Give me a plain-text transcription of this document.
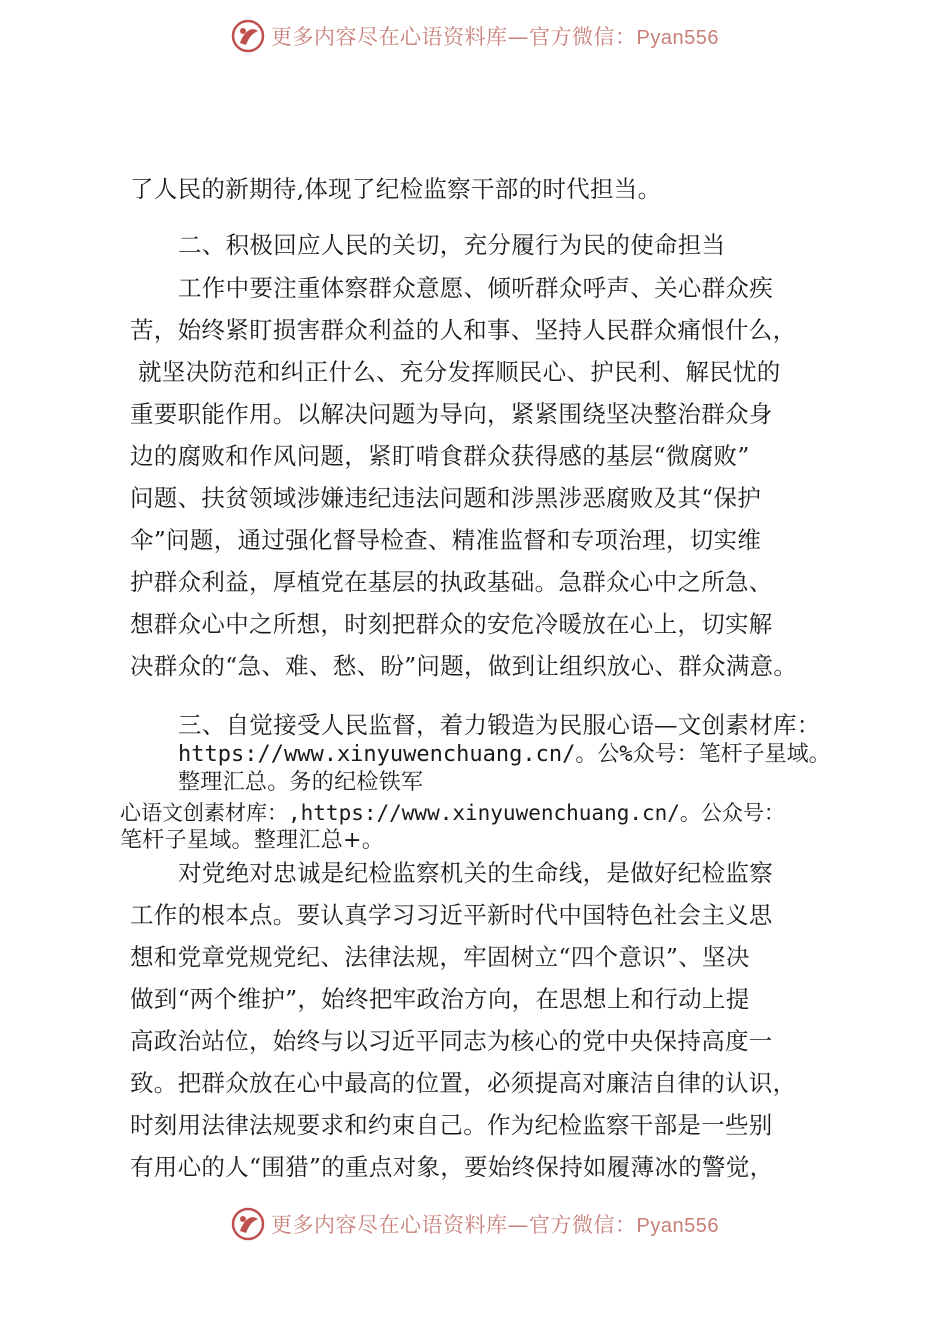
更多内容尽在心语资料库—官方微信：Pyan556
了人民的新期待,体现了纪检监察干部的时代担当。
二、积极回应人民的关切，充分履行为民的使命担当
工作中要注重体察群众意愿、倾听群众呼声、关心群众疾
苦，始终紧盯损害群众利益的人和事、坚持人民群众痛恨什么，
就坚决防范和纠正什么、充分发挥顺民心、护民利、解民忧的
重要职能作用。以解决问题为导向，紧紧围绕坚决整治群众身
边的腐败和作风问题，紧盯啃食群众获得感的基层“微腐败”
问题、扶贫领域涉嫌违纪违法问题和涉黑涉恶腐败及其“保护
伞”问题，通过强化督导检查、精准监督和专项治理，切实维
护群众利益，厚植党在基层的执政基础。急群众心中之所急、
想群众心中之所想，时刻把群众的安危冷暖放在心上，切实解
决群众的“急、难、愁、盼”问题，做到让组织放心、群众满意。
三、自觉接受人民监督，着力锻造为民服心语—文创素材库：
https://www.xinyuwenchuang.cn/。公%众号：笔杆子星域。
整理汇总。务的纪检铁军
心语文创素材库：,https://www.xinyuwenchuang.cn/。公众号：
笔杆子星域。整理汇总+。
对党绝对忠诚是纪检监察机关的生命线，是做好纪检监察
工作的根本点。要认真学习习近平新时代中国特色社会主义思
想和党章党规党纪、法律法规，牢固树立“四个意识”、坚决
做到“两个维护”，始终把牢政治方向，在思想上和行动上提
高政治站位，始终与以习近平同志为核心的党中央保持高度一
致。把群众放在心中最高的位置，必须提高对廉洁自律的认识，
时刻用法律法规要求和约束自己。作为纪检监察干部是一些别
有用心的人“围猎”的重点对象，要始终保持如履薄冰的警觉，
更多内容尽在心语资料库—官方微信：Pyan556
